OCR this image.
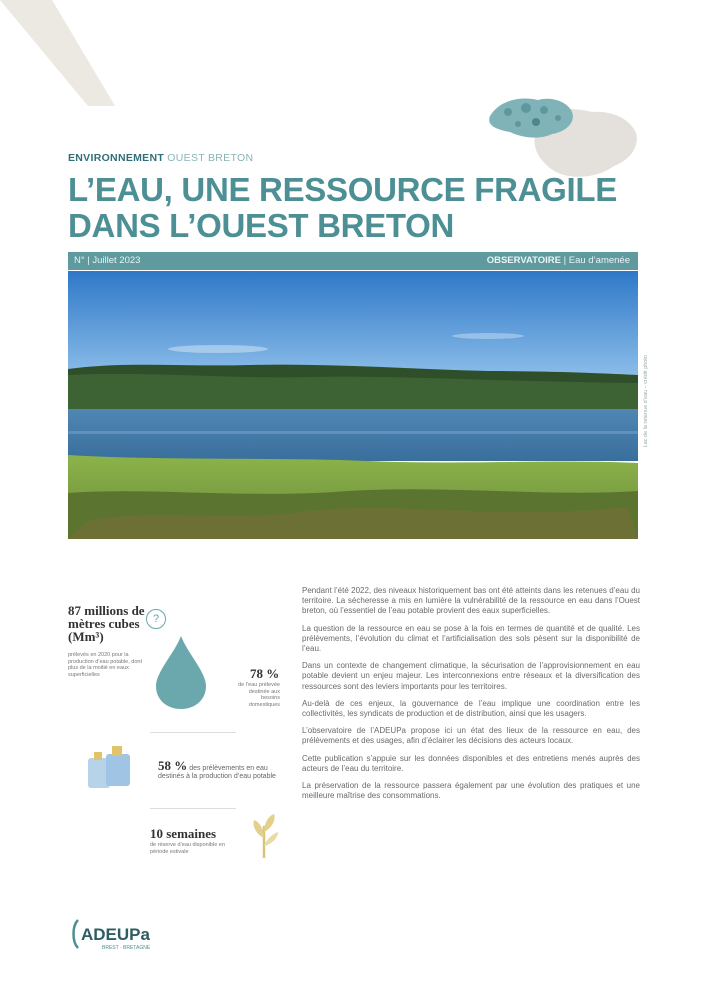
ENVIRONNEMENT OUEST BRETON
L’EAU, UNE RESSOURCE FRAGILE
DANS L’OUEST BRETON
N° | Juillet 2023	OBSERVATOIRE | Eau d’amenée
Lac de la retenue d’eau – crédit photo
87 millions de mètres cubes (Mm³)
?
prélevés en 2020 pour la production d’eau potable, dont plus de la moitié en eaux superficielles	78 %
de l’eau prélevée destinée aux besoins domestiques
58 % des prélèvements en eau destinés à la production d’eau potable
10 semaines
de réserve d’eau disponible en période estivale

Pendant l’été 2022, des niveaux historiquement bas ont été atteints dans les retenues d’eau du territoire. La sécheresse a mis en lumière la vulnérabilité de la ressource en eau dans l’Ouest breton, où l’essentiel de l’eau potable provient des eaux superficielles.

La question de la ressource en eau se pose à la fois en termes de quantité et de qualité. Les prélèvements, l’évolution du climat et l’artificialisation des sols pèsent sur la disponibilité de l’eau.

Dans un contexte de changement climatique, la sécurisation de l’approvisionnement en eau potable devient un enjeu majeur. Les interconnexions entre réseaux et la diversification des ressources sont des leviers importants pour les territoires.

Au-delà de ces enjeux, la gouvernance de l’eau implique une coordination entre les collectivités, les syndicats de production et de distribution, ainsi que les usagers.

L’observatoire de l’ADEUPa propose ici un état des lieux de la ressource en eau, des prélèvements et des usages, afin d’éclairer les décisions des acteurs locaux.

Cette publication s’appuie sur les données disponibles et des entretiens menés auprès des acteurs de l’eau du territoire.

La préservation de la ressource passera également par une évolution des pratiques et une meilleure maîtrise des consommations.

ADEUPa
BREST · BRETAGNE
